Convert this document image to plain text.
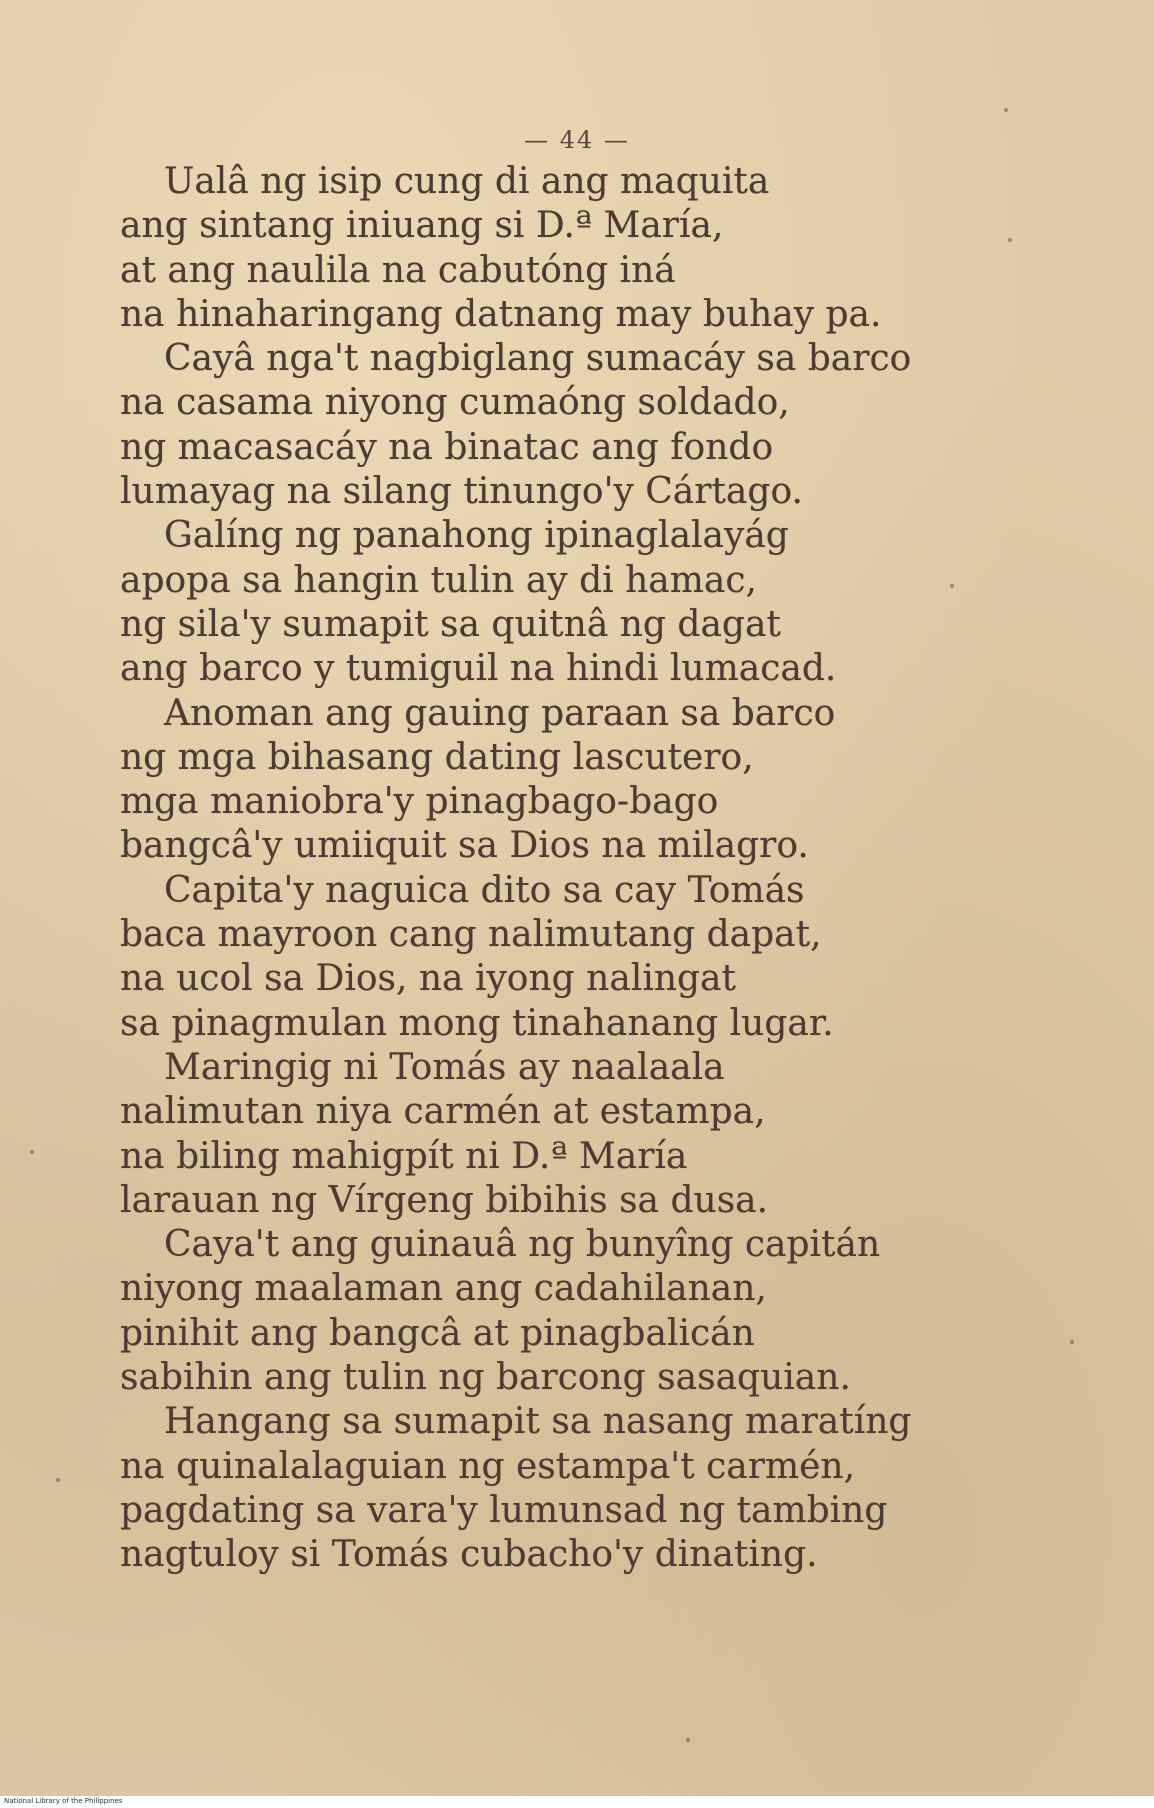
— 44 —
Ualâ ng isip cung di ang maquita
ang sintang iniuang si D.ª María,
at ang naulila na cabutóng iná
na hinaharingang datnang may buhay pa.
Cayâ nga't nagbiglang sumacáy sa barco
na casama niyong cumaóng soldado,
ng macasacáy na binatac ang fondo
lumayag na silang tinungo'y Cártago.
Galíng ng panahong ipinaglalayág
apopa sa hangin tulin ay di hamac,
ng sila'y sumapit sa quitnâ ng dagat
ang barco y tumiguil na hindi lumacad.
Anoman ang gauing paraan sa barco
ng mga bihasang dating lascutero,
mga maniobra'y pinagbago-bago
bangcâ'y umiiquit sa Dios na milagro.
Capita'y naguica dito sa cay Tomás
baca mayroon cang nalimutang dapat,
na ucol sa Dios, na iyong nalingat
sa pinagmulan mong tinahanang lugar.
Maringig ni Tomás ay naalaala
nalimutan niya carmén at estampa,
na biling mahigpít ni D.ª María
larauan ng Vírgeng bibihis sa dusa.
Caya't ang guinauâ ng bunyîng capitán
niyong maalaman ang cadahilanan,
pinihit ang bangcâ at pinagbalicán
sabihin ang tulin ng barcong sasaquian.
Hangang sa sumapit sa nasang maratíng
na quinalalaguian ng estampa't carmén,
pagdating sa vara'y lumunsad ng tambing
nagtuloy si Tomás cubacho'y dinating.
National Library of the Philippines
